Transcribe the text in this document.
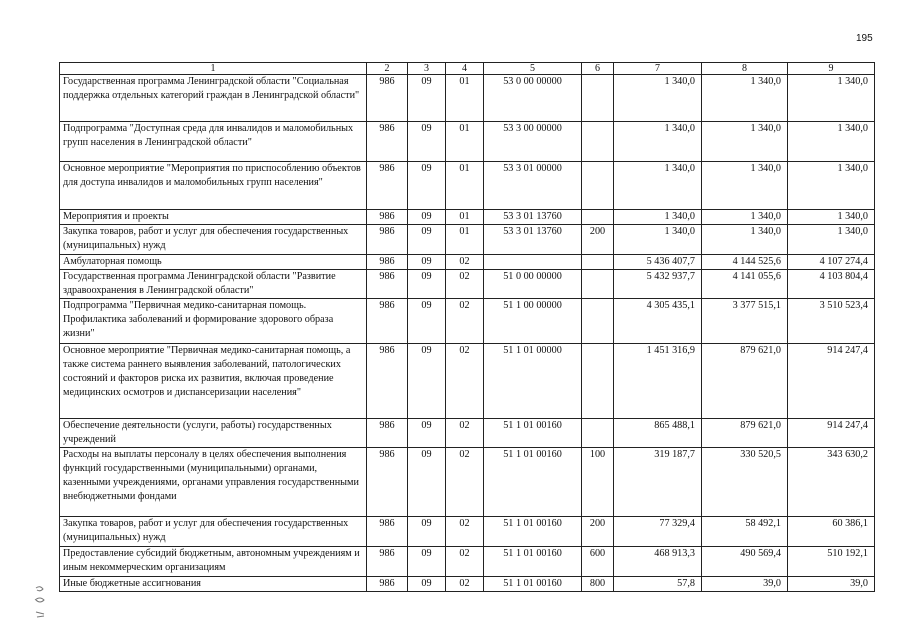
195
1	2	3	4	5	6	7	8	9
Государственная программа Ленинградской области "Социальная поддержка отдельных категорий граждан в Ленинградской области"	986	09	01	53 0 00 00000		1 340,0	1 340,0	1 340,0
Подпрограмма "Доступная среда для инвалидов и маломобильных групп населения в Ленинградской области"	986	09	01	53 3 00 00000		1 340,0	1 340,0	1 340,0
Основное мероприятие "Мероприятия по приспособлению объектов для доступа инвалидов и маломобильных групп населения"	986	09	01	53 3 01 00000		1 340,0	1 340,0	1 340,0
Мероприятия и проекты	986	09	01	53 3 01 13760		1 340,0	1 340,0	1 340,0
Закупка товаров, работ и услуг для обеспечения государственных (муниципальных) нужд	986	09	01	53 3 01 13760	200	1 340,0	1 340,0	1 340,0
Амбулаторная помощь	986	09	02			5 436 407,7	4 144 525,6	4 107 274,4
Государственная программа Ленинградской области "Развитие здравоохранения в Ленинградской области"	986	09	02	51 0 00 00000		5 432 937,7	4 141 055,6	4 103 804,4
Подпрограмма "Первичная медико-санитарная помощь. Профилактика заболеваний и формирование здорового образа жизни"	986	09	02	51 1 00 00000		4 305 435,1	3 377 515,1	3 510 523,4
Основное мероприятие "Первичная медико-санитарная помощь, а также система раннего выявления заболеваний, патологических состояний и факторов риска их развития, включая проведение медицинских осмотров и диспансеризации населения"	986	09	02	51 1 01 00000		1 451 316,9	879 621,0	914 247,4
Обеспечение деятельности (услуги, работы) государственных учреждений	986	09	02	51 1 01 00160		865 488,1	879 621,0	914 247,4
Расходы на выплаты персоналу в целях обеспечения выполнения функций государственными (муниципальными) органами, казенными учреждениями, органами управления государственными внебюджетными фондами	986	09	02	51 1 01 00160	100	319 187,7	330 520,5	343 630,2
Закупка товаров, работ и услуг для обеспечения государственных (муниципальных) нужд	986	09	02	51 1 01 00160	200	77 329,4	58 492,1	60 386,1
Предоставление субсидий бюджетным, автономным учреждениям и иным некоммерческим организациям	986	09	02	51 1 01 00160	600	468 913,3	490 569,4	510 192,1
Иные бюджетные ассигнования	986	09	02	51 1 01 00160	800	57,8	39,0	39,0
